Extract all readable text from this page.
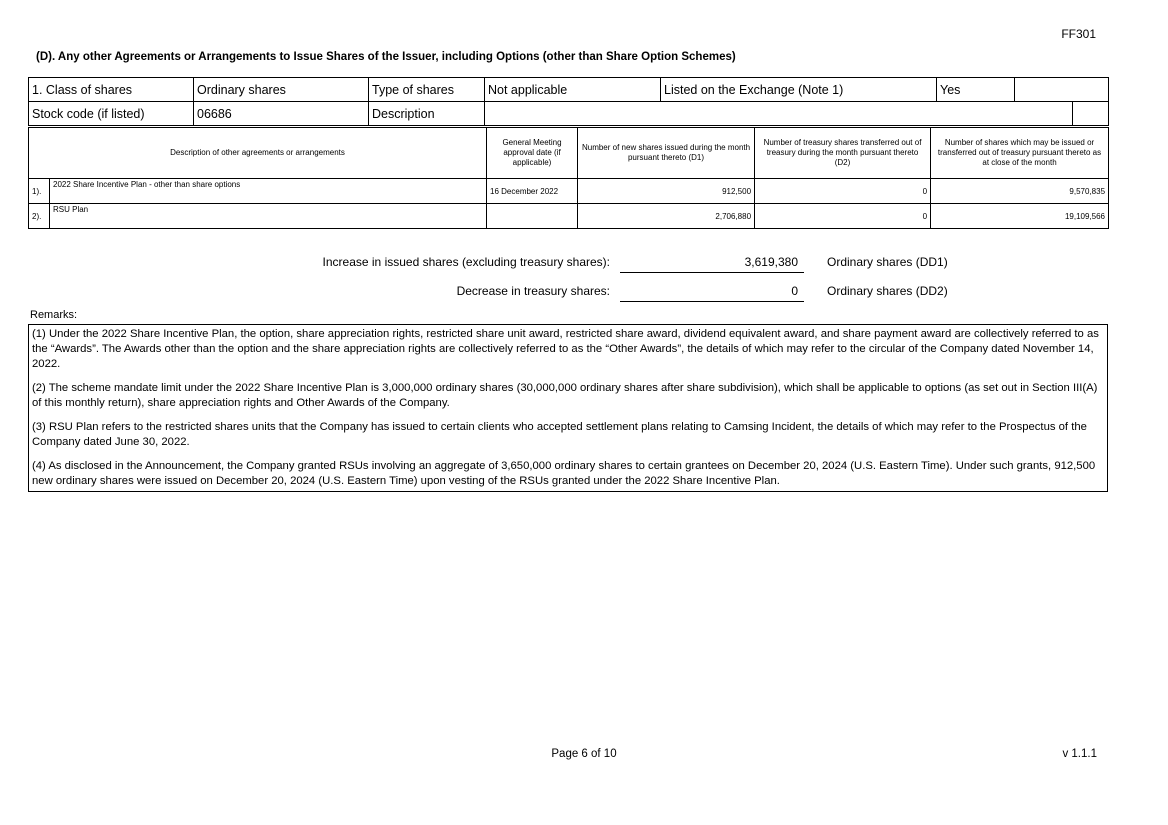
FF301
(D). Any other Agreements or Arrangements to Issue Shares of the Issuer, including Options (other than Share Option Schemes)
1. Class of shares	Ordinary shares	Type of shares	Not applicable	Listed on the Exchange (Note 1)	Yes		
Stock code (if listed)	06686	Description					
Description of other agreements or arrangements		General Meeting approval date (if applicable)	Number of new shares issued during the month pursuant thereto (D1)	Number of treasury shares transferred out of treasury during the month pursuant thereto (D2)	Number of shares which may be issued or transferred out of treasury pursuant thereto as at close of the month
1).	2022 Share Incentive Plan - other than share options	16 December 2022	912,500	0	9,570,835
2).	RSU Plan		2,706,880	0	19,109,566
Increase in issued shares (excluding treasury shares):	3,619,380	Ordinary shares (DD1)
Decrease in treasury shares:	0	Ordinary shares (DD2)
Remarks:

(1) Under the 2022 Share Incentive Plan, the option, share appreciation rights, restricted share unit award, restricted share award, dividend equivalent award, and share payment award are collectively referred to as the “Awards”. The Awards other than the option and the share appreciation rights are collectively referred to as the “Other Awards”, the details of which may refer to the circular of the Company dated November 14, 2022.

(2) The scheme mandate limit under the 2022 Share Incentive Plan is 3,000,000 ordinary shares (30,000,000 ordinary shares after share subdivision), which shall be applicable to options (as set out in Section III(A) of this monthly return), share appreciation rights and Other Awards of the Company.

(3) RSU Plan refers to the restricted shares units that the Company has issued to certain clients who accepted settlement plans relating to Camsing Incident, the details of which may refer to the Prospectus of the Company dated June 30, 2022.

(4) As disclosed in the Announcement, the Company granted RSUs involving an aggregate of 3,650,000 ordinary shares to certain grantees on December 20, 2024 (U.S. Eastern Time). Under such grants, 912,500 new ordinary shares were issued on December 20, 2024 (U.S. Eastern Time) upon vesting of the RSUs granted under the 2022 Share Incentive Plan.

Page 6 of 10	v 1.1.1
